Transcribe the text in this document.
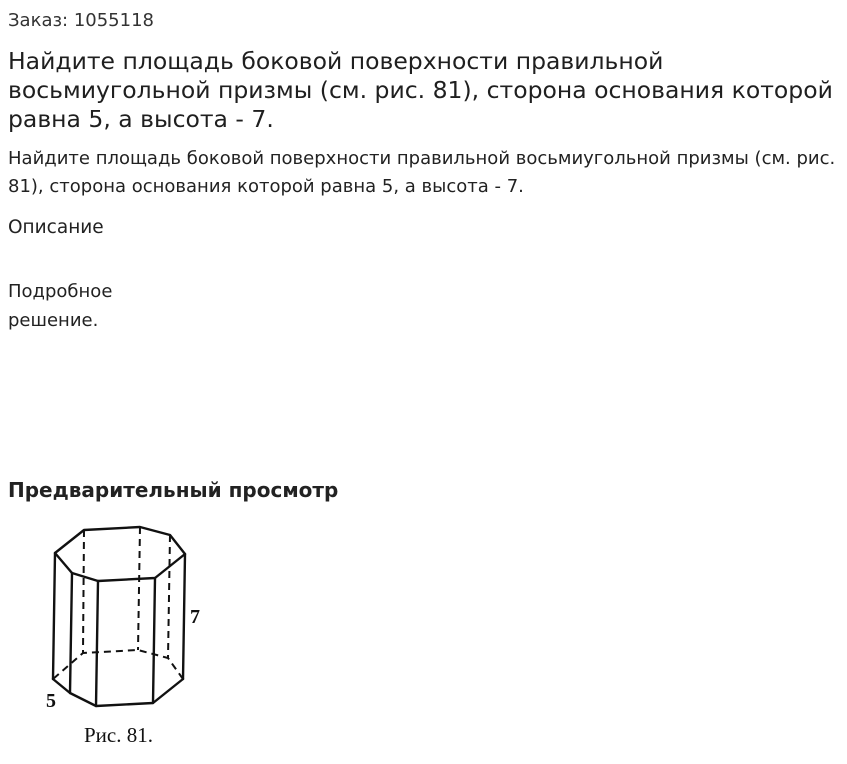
Заказ: 1055118
Найдите площадь боковой поверхности правильной восьмиугольной призмы (см. рис. 81), сторона основания которой равна 5, а высота - 7.
Найдите площадь боковой поверхности правильной восьмиугольной призмы (см. рис. 81), сторона основания которой равна 5, а высота - 7.
Описание
Подробное решение.
Предварительный просмотр
5
7
Рис. 81.
